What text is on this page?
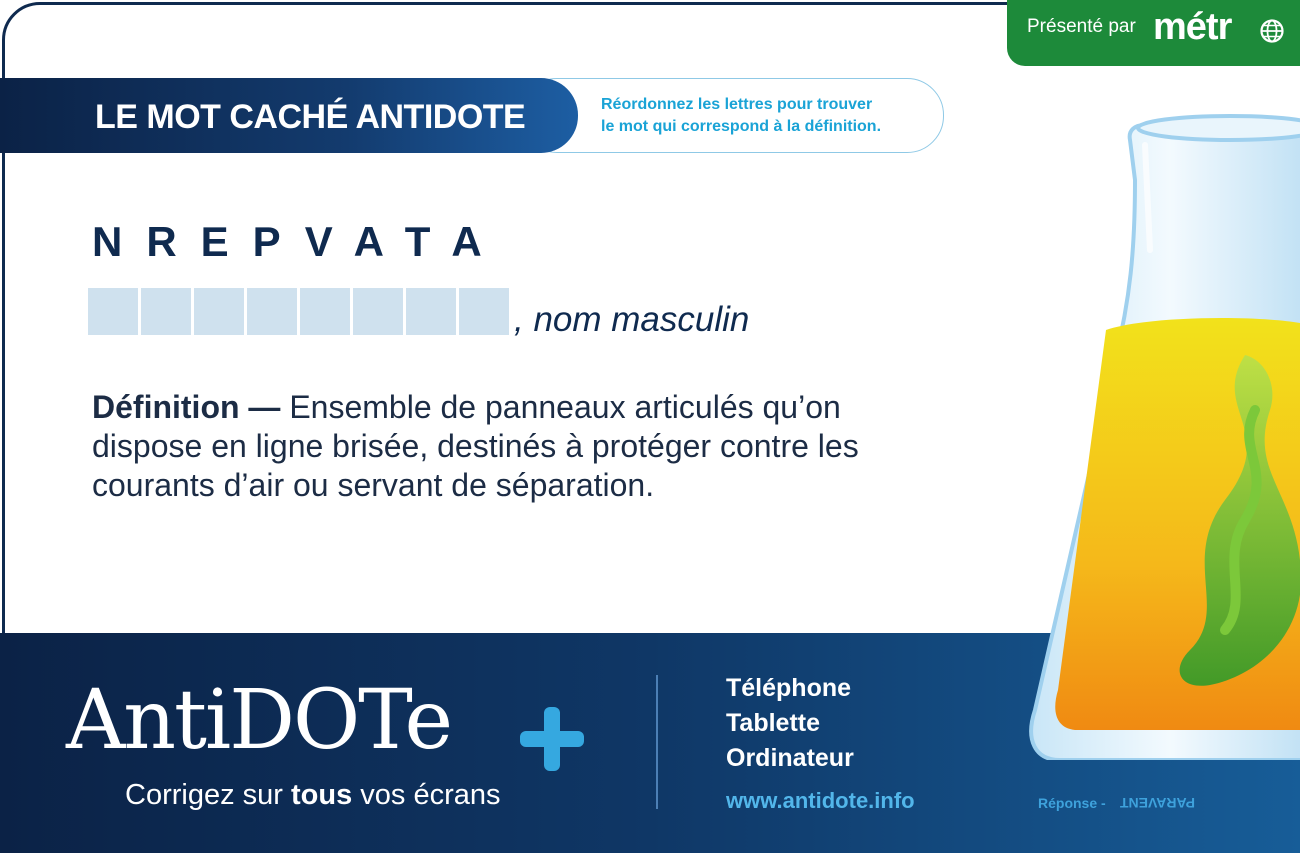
Présenté par métr
Réordonnez les lettres pour trouver
le mot qui correspond à la définition.
LE MOT CACHÉ ANTIDOTE
NREPVATA
, nom masculin
Définition — Ensemble de panneaux articulés qu’on dispose en ligne brisée, destinés à protéger contre les courants d’air ou servant de séparation.
AntiDOTe
Corrigez sur tous vos écrans
Téléphone
Tablette
Ordinateur
www.antidote.info	Réponse - PARAVENT
